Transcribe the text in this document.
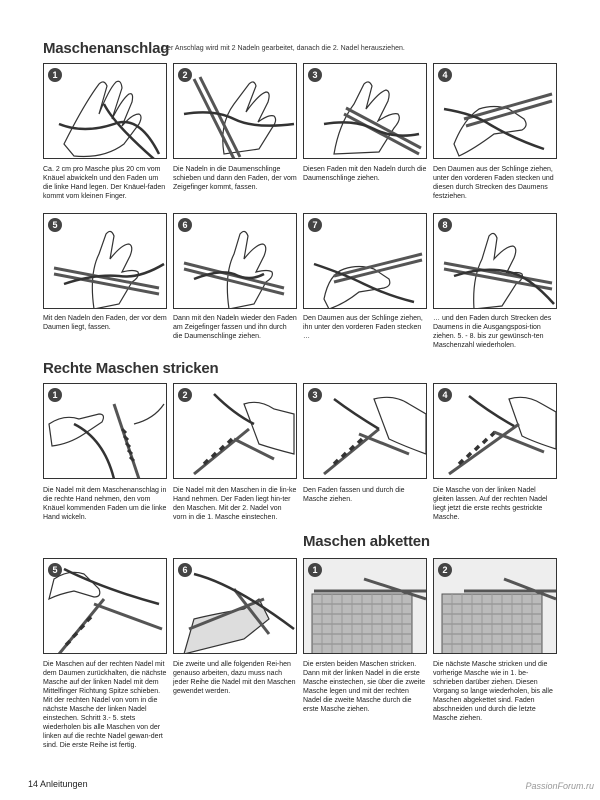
Maschenanschlag
Der Anschlag wird mit 2 Nadeln gearbeitet, danach die 2. Nadel herausziehen.
1	2	3	4
Ca. 2 cm pro Masche plus 20 cm vom Knäuel abwickeln und den Faden um die linke Hand legen. Der Knäuel-faden kommt vom kleinen Finger.
Die Nadeln in die Daumenschlinge schieben und dann den Faden, der vom Zeigefinger kommt, fassen.
Diesen Faden mit den Nadeln durch die Daumenschlinge ziehen.
Den Daumen aus der Schlinge ziehen, unter den vorderen Faden stecken und diesen durch Strecken des Daumens festziehen.
5	6	7	8
Mit den Nadeln den Faden, der vor dem Daumen liegt, fassen.
Dann mit den Nadeln wieder den Faden am Zeigefinger fassen und ihn durch die Daumenschlinge ziehen.
Den Daumen aus der Schlinge ziehen, ihn unter den vorderen Faden stecken …
… und den Faden durch Strecken des Daumens in die Ausgangsposi-tion ziehen. 5. - 8. bis zur gewünsch-ten Maschenzahl wiederholen.
Rechte Maschen stricken
1	2	3	4
Die Nadel mit dem Maschenanschlag in die rechte Hand nehmen, den vom Knäuel kommenden Faden um die linke Hand wickeln.
Die Nadel mit den Maschen in die lin-ke Hand nehmen. Der Faden liegt hin-ter den Maschen. Mit der 2. Nadel von vorn in die 1. Masche einstechen.
Den Faden fassen und durch die Masche ziehen.
Die Masche von der linken Nadel gleiten lassen. Auf der rechten Nadel liegt jetzt die erste rechts gestrickte Masche.
5	6
Die Maschen auf der rechten Nadel mit dem Daumen zurückhalten, die nächste Masche auf der linken Nadel mit dem Mittelfinger Richtung Spitze schieben. Mit der rechten Nadel von vorn in die nächste Masche der linken Nadel einstechen. Schritt 3.- 5. stets wiederholen bis alle Maschen von der linken auf die rechte Nadel gewan-dert sind. Die erste Reihe ist fertig.
Die zweite und alle folgenden Rei-hen genauso arbeiten, dazu muss nach jeder Reihe die Nadel mit den Maschen gewendet werden.
Maschen abketten
1	2
Die ersten beiden Maschen stricken. Dann mit der linken Nadel in die erste Masche einstechen, sie über die zweite Masche legen und mit der rechten Nadel die zweite Masche durch die erste Masche ziehen.
Die nächste Masche stricken und die vorherige Masche wie in 1. be-schrieben darüber ziehen. Diesen Vorgang so lange wiederholen, bis alle Maschen abgekettet sind. Faden abschneiden und durch die letzte Masche ziehen.
14 Anleitungen	PassionForum.ru
